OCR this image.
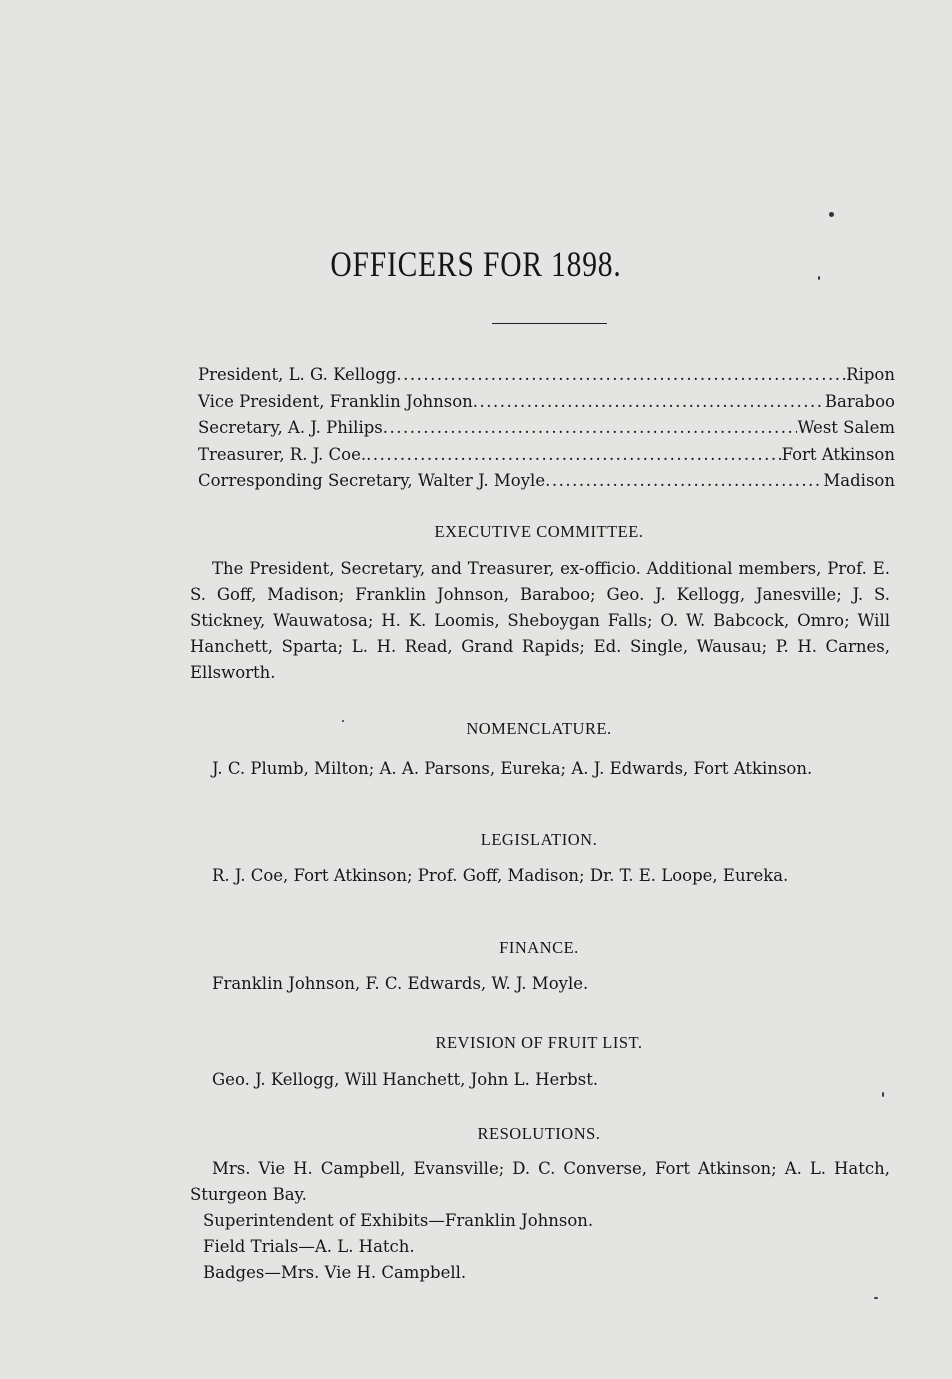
OFFICERS FOR 1898.
President, L. G. Kellogg .....	Ripon
Vice President, Franklin Johnson .....	Baraboo
Secretary, A. J. Philips .....	West Salem
Treasurer, R. J. Coe. .....	Fort Atkinson
Corresponding Secretary, Walter J. Moyle .....	Madison
EXECUTIVE COMMITTEE.
The President, Secretary, and Treasurer, ex-officio. Additional members, Prof. E. S. Goff, Madison; Franklin Johnson, Baraboo; Geo. J. Kellogg, Janesville; J. S. Stickney, Wauwatosa; H. K. Loomis, Sheboygan Falls; O. W. Babcock, Omro; Will Hanchett, Sparta; L. H. Read, Grand Rapids; Ed. Single, Wausau; P. H. Carnes, Ellsworth.
NOMENCLATURE.
J. C. Plumb, Milton; A. A. Parsons, Eureka; A. J. Edwards, Fort Atkinson.
LEGISLATION.
R. J. Coe, Fort Atkinson; Prof. Goff, Madison; Dr. T. E. Loope, Eureka.
FINANCE.
Franklin Johnson, F. C. Edwards, W. J. Moyle.
REVISION OF FRUIT LIST.
Geo. J. Kellogg, Will Hanchett, John L. Herbst.
RESOLUTIONS.
Mrs. Vie H. Campbell, Evansville; D. C. Converse, Fort Atkinson; A. L. Hatch, Sturgeon Bay.
Superintendent of Exhibits—Franklin Johnson.
Field Trials—A. L. Hatch.
Badges—Mrs. Vie H. Campbell.
